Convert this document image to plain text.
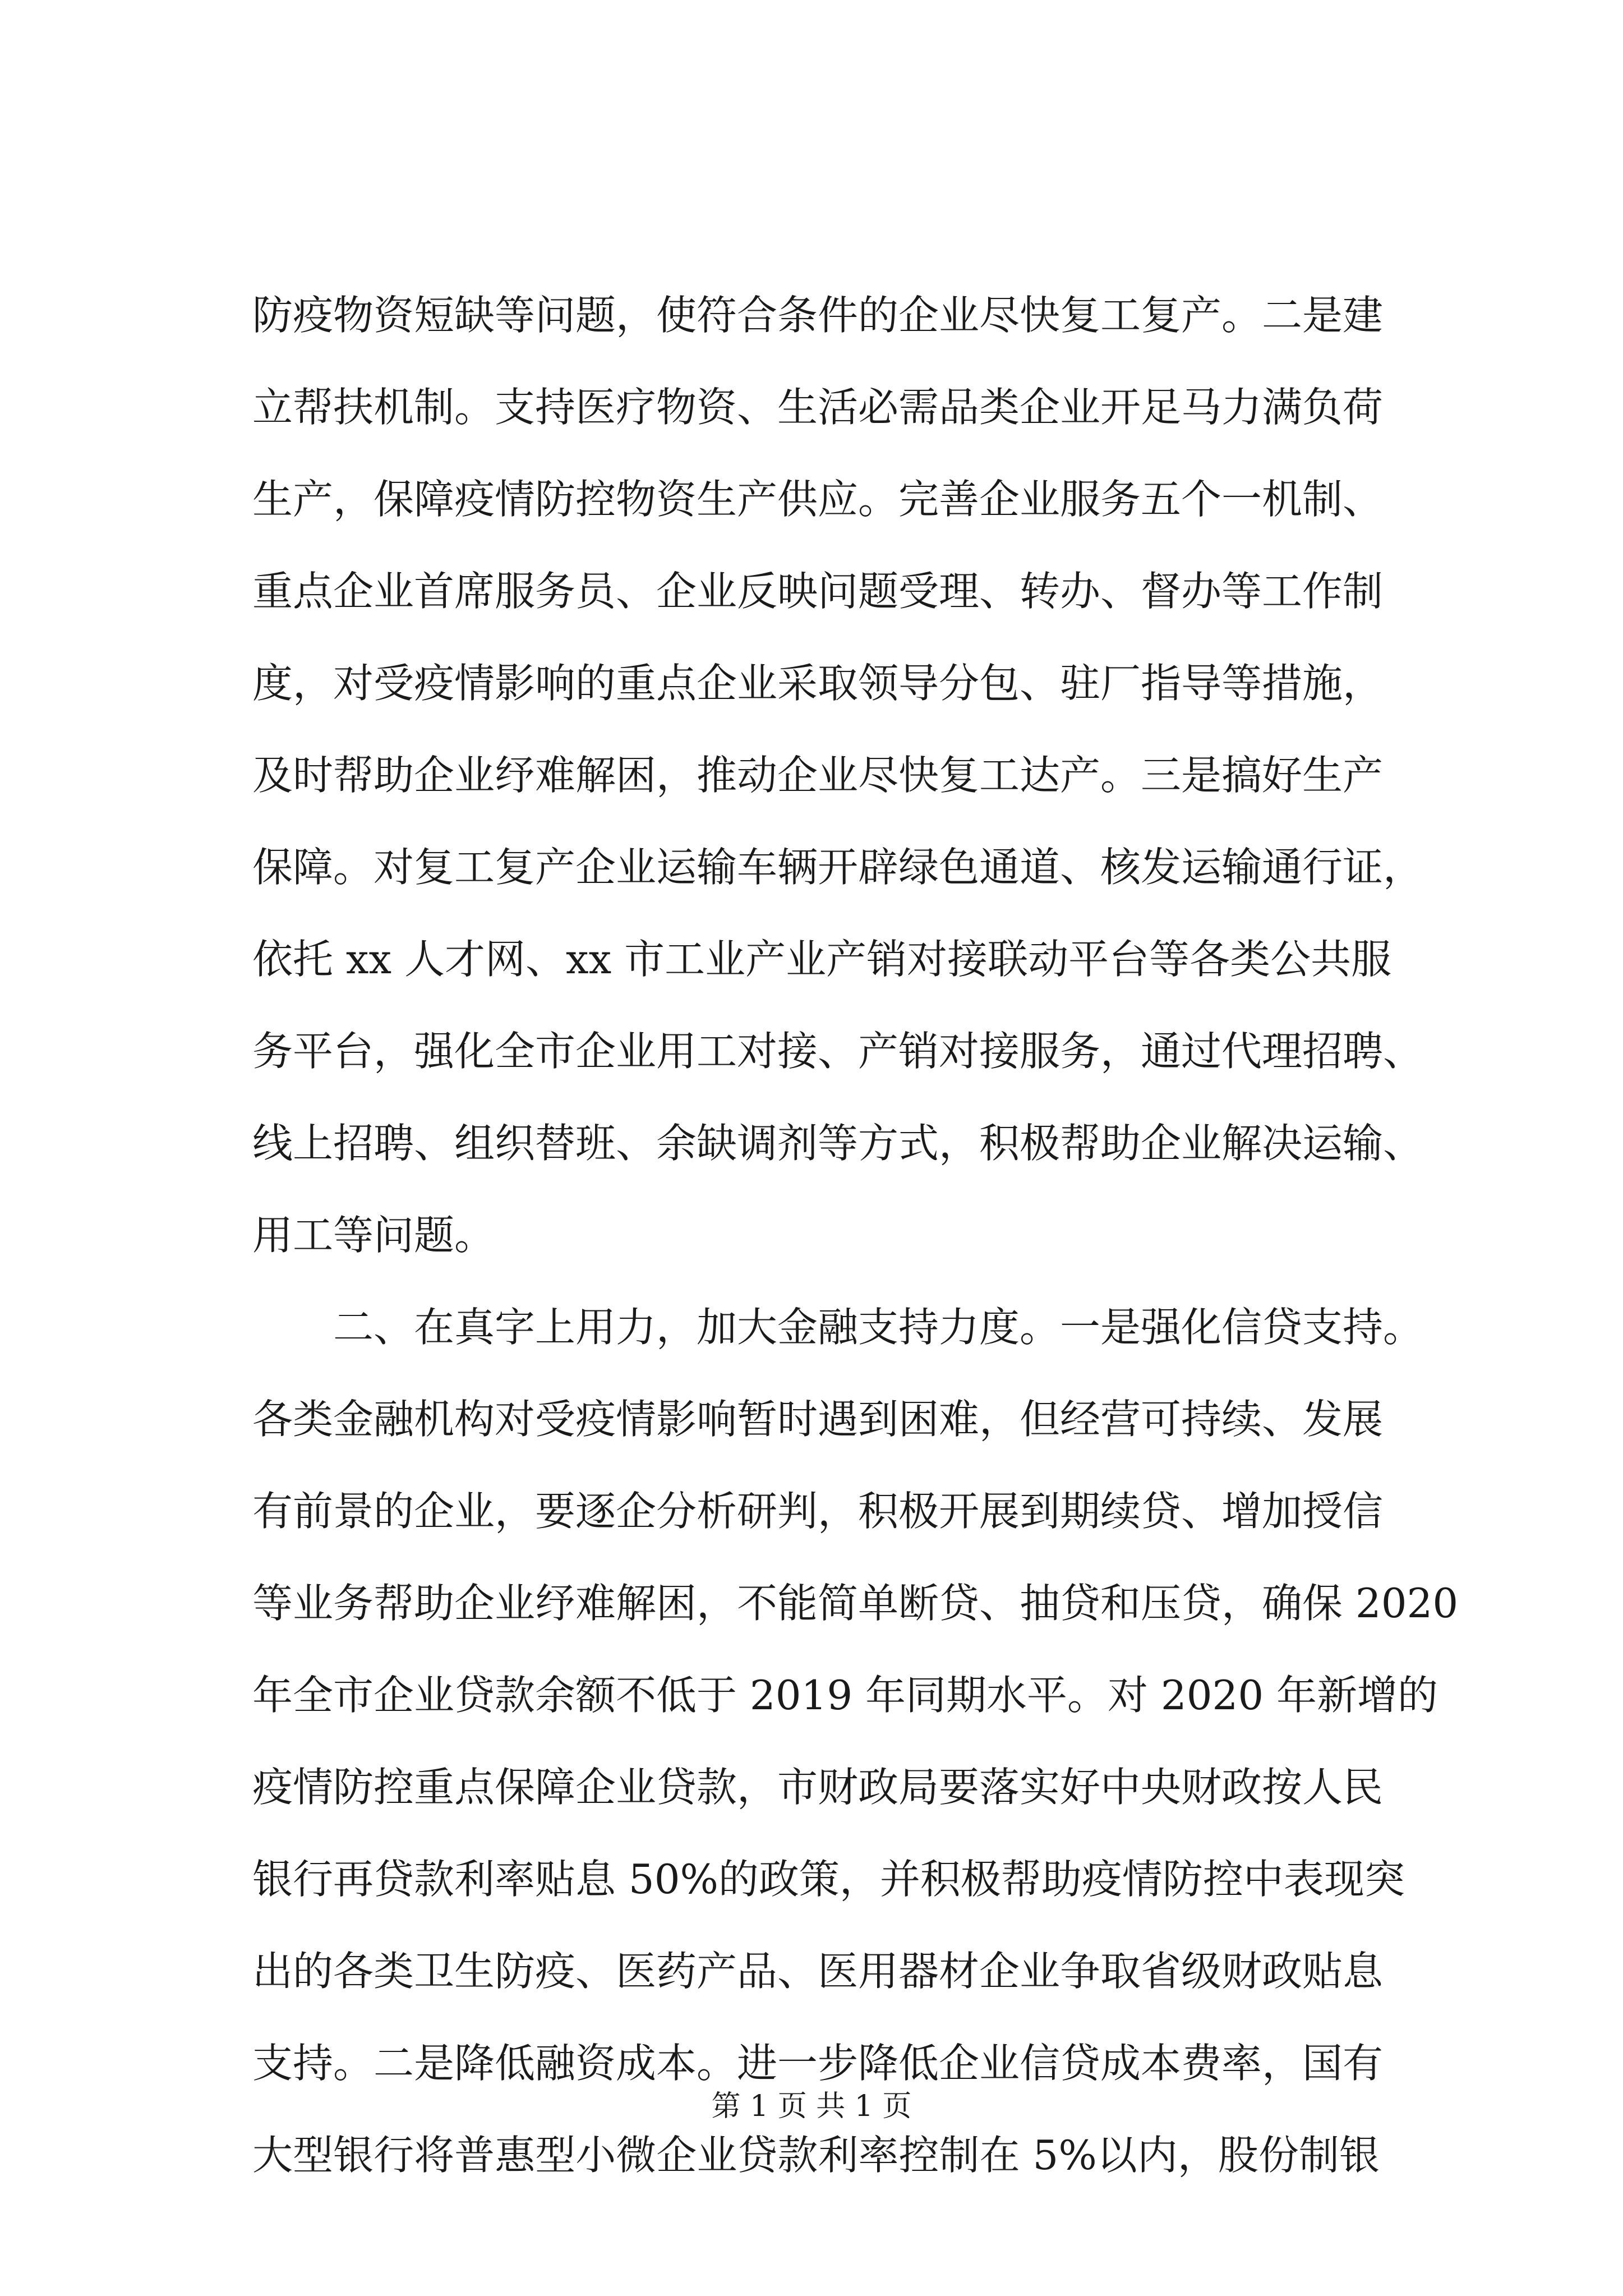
防疫物资短缺等问题，使符合条件的企业尽快复工复产。二是建
立帮扶机制。支持医疗物资、生活必需品类企业开足马力满负荷
生产，保障疫情防控物资生产供应。完善企业服务五个一机制、
重点企业首席服务员、企业反映问题受理、转办、督办等工作制
度，对受疫情影响的重点企业采取领导分包、驻厂指导等措施，
及时帮助企业纾难解困，推动企业尽快复工达产。三是搞好生产
保障。对复工复产企业运输车辆开辟绿色通道、核发运输通行证，
依托 xx 人才网、xx 市工业产业产销对接联动平台等各类公共服
务平台，强化全市企业用工对接、产销对接服务，通过代理招聘、
线上招聘、组织替班、余缺调剂等方式，积极帮助企业解决运输、
用工等问题。
二、在真字上用力，加大金融支持力度。一是强化信贷支持。
各类金融机构对受疫情影响暂时遇到困难，但经营可持续、发展
有前景的企业，要逐企分析研判，积极开展到期续贷、增加授信
等业务帮助企业纾难解困，不能简单断贷、抽贷和压贷，确保 2020
年全市企业贷款余额不低于 2019 年同期水平。对 2020 年新增的
疫情防控重点保障企业贷款，市财政局要落实好中央财政按人民
银行再贷款利率贴息 50%的政策，并积极帮助疫情防控中表现突
出的各类卫生防疫、医药产品、医用器材企业争取省级财政贴息
支持。二是降低融资成本。进一步降低企业信贷成本费率，国有
大型银行将普惠型小微企业贷款利率控制在 5%以内，股份制银
第 1 页 共 1 页
